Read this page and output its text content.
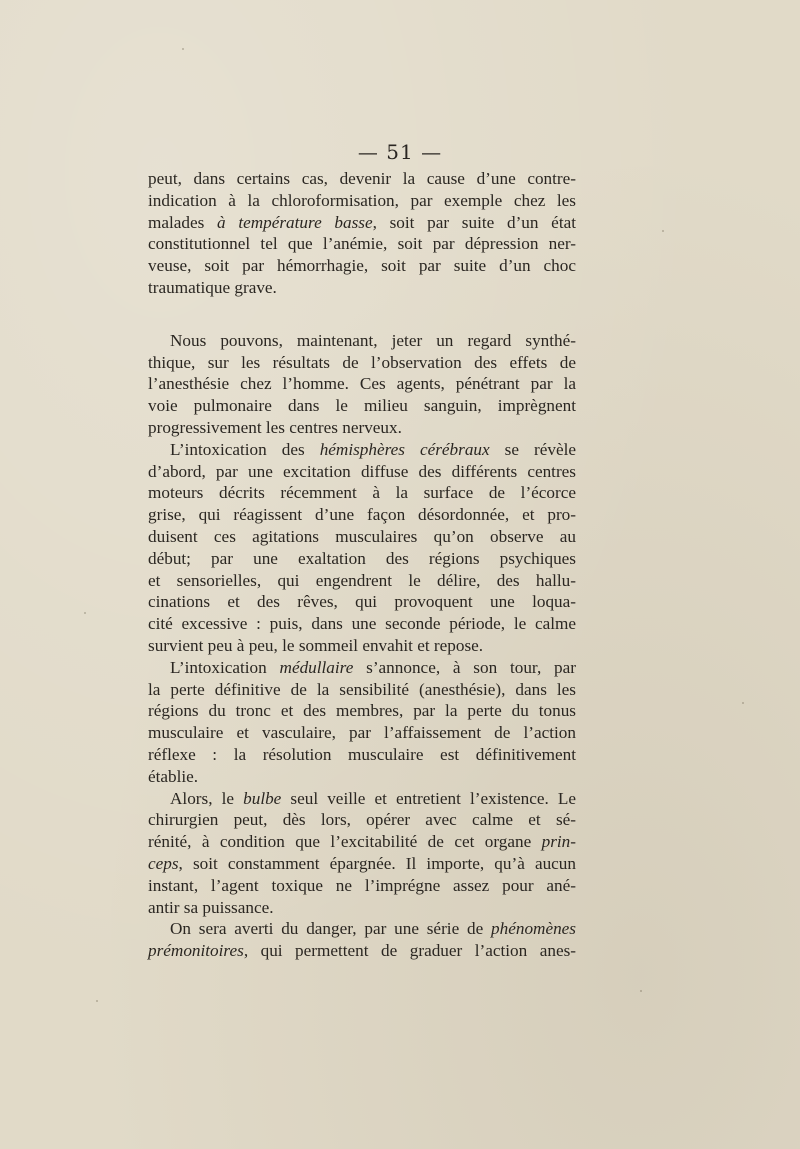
— 51 —
peut, dans certains cas, devenir la cause d’une contre-
indication à la chloroformisation, par exemple chez les
malades à température basse, soit par suite d’un état
constitutionnel tel que l’anémie, soit par dépression ner-
veuse, soit par hémorrhagie, soit par suite d’un choc
traumatique grave.
Nous pouvons, maintenant, jeter un regard synthé-
thique, sur les résultats de l’observation des effets de
l’anesthésie chez l’homme. Ces agents, pénétrant par la
voie pulmonaire dans le milieu sanguin, imprègnent
progressivement les centres nerveux.
L’intoxication des hémisphères cérébraux se révèle
d’abord, par une excitation diffuse des différents centres
moteurs décrits récemment à la surface de l’écorce
grise, qui réagissent d’une façon désordonnée, et pro-
duisent ces agitations musculaires qu’on observe au
début; par une exaltation des régions psychiques
et sensorielles, qui engendrent le délire, des hallu-
cinations et des rêves, qui provoquent une loqua-
cité excessive : puis, dans une seconde période, le calme
survient peu à peu, le sommeil envahit et repose.
L’intoxication médullaire s’annonce, à son tour, par
la perte définitive de la sensibilité (anesthésie), dans les
régions du tronc et des membres, par la perte du tonus
musculaire et vasculaire, par l’affaissement de l’action
réflexe : la résolution musculaire est définitivement
établie.
Alors, le bulbe seul veille et entretient l’existence. Le
chirurgien peut, dès lors, opérer avec calme et sé-
rénité, à condition que l’excitabilité de cet organe prin-
ceps, soit constamment épargnée. Il importe, qu’à aucun
instant, l’agent toxique ne l’imprégne assez pour ané-
antir sa puissance.
On sera averti du danger, par une série de phénomènes
prémonitoires, qui permettent de graduer l’action anes-
